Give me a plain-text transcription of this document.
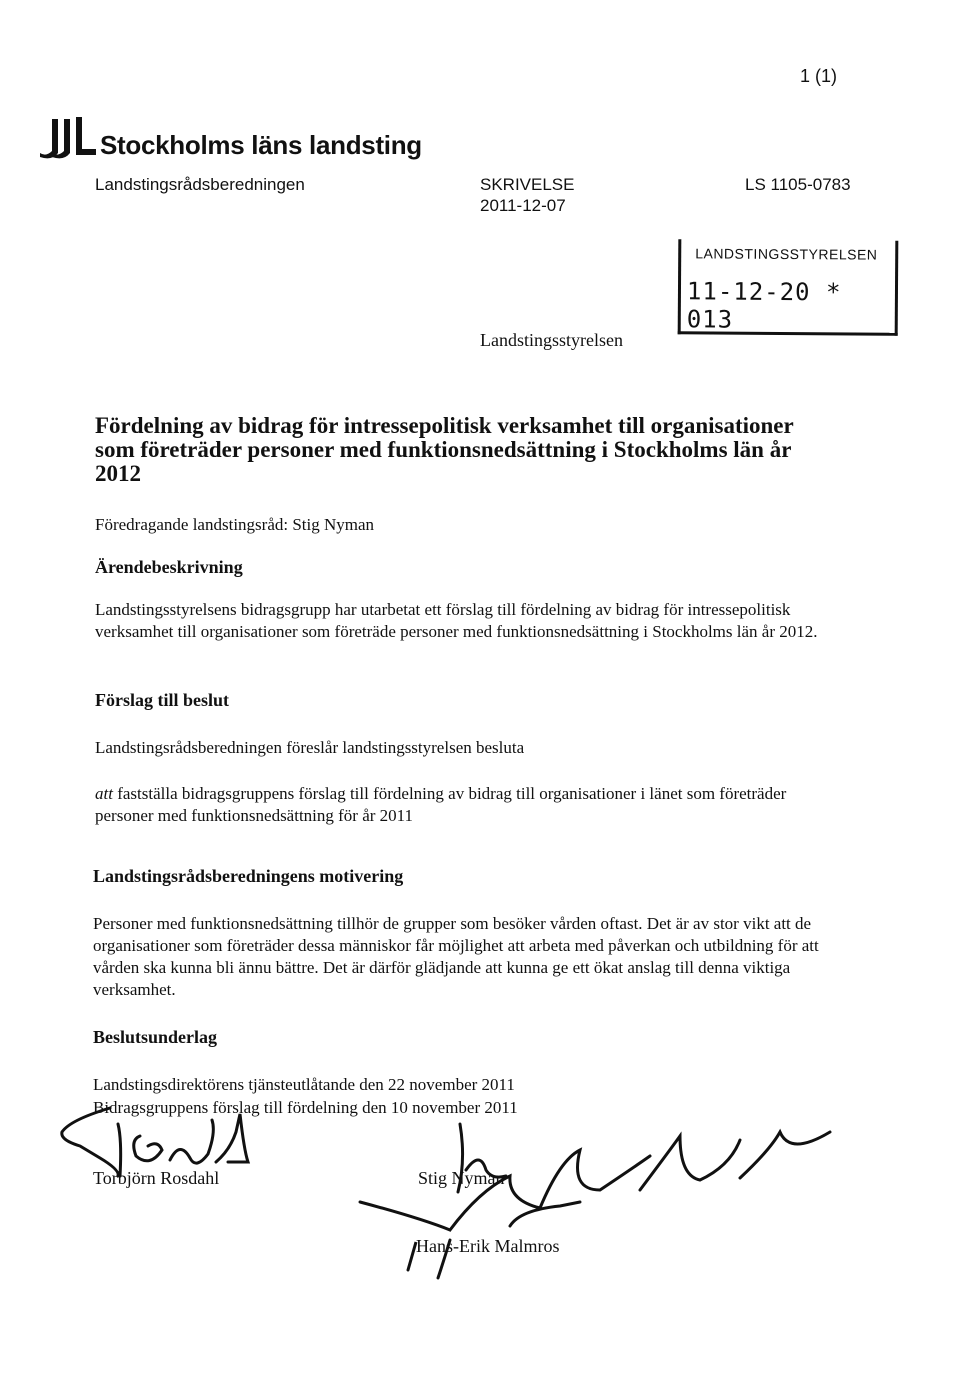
1 (1)
Stockholms läns landsting
Landstingsrådsberedningen	SKRIVELSE
2011-12-07
LS 1105-0783
LANDSTINGSSTYRELSEN
11-12-20 * 013
Landstingsstyrelsen
Fördelning av bidrag för intressepolitisk verksamhet till organisationer som företräder personer med funktionsnedsättning i Stockholms län år 2012
Föredragande landstingsråd: Stig Nyman
Ärendebeskrivning
Landstingsstyrelsens bidragsgrupp har utarbetat ett förslag till fördelning av bidrag för intressepolitisk verksamhet till organisationer som företräde personer med funktionsnedsättning i Stockholms län år 2012.
Förslag till beslut
Landstingsrådsberedningen föreslår landstingsstyrelsen besluta
att fastställa bidragsgruppens förslag till fördelning av bidrag till organisationer i länet som företräder personer med funktionsnedsättning för år 2011
Landstingsrådsberedningens motivering
Personer med funktionsnedsättning tillhör de grupper som besöker vården oftast. Det är av stor vikt att de organisationer som företräder dessa människor får möjlighet att arbeta med påverkan och utbildning för att vården ska kunna bli ännu bättre. Det är därför glädjande att kunna ge ett ökat anslag till denna viktiga verksamhet.
Beslutsunderlag
Landstingsdirektörens tjänsteutlåtande den 22 november 2011
Bidragsgruppens förslag till fördelning den 10 november 2011
Torbjörn Rosdahl	Stig Nyman
Hans-Erik Malmros
